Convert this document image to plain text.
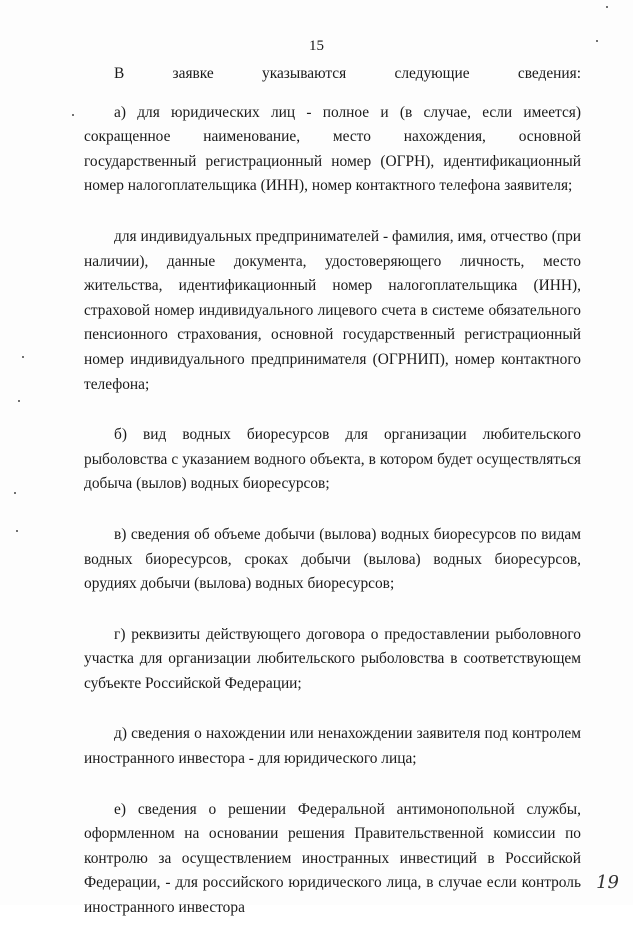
15

В заявке указываются следующие сведения:

а) для юридических лиц - полное и (в случае, если имеется) сокращенное наименование, место нахождения, основной государственный регистрационный номер (ОГРН), идентификационный номер налогоплательщика (ИНН), номер контактного телефона заявителя;

для индивидуальных предпринимателей - фамилия, имя, отчество (при наличии), данные документа, удостоверяющего личность, место жительства, идентификационный номер налогоплательщика (ИНН), страховой номер индивидуального лицевого счета в системе обязательного пенсионного страхования, основной государственный регистрационный номер индивидуального предпринимателя (ОГРНИП), номер контактного телефона;

б) вид водных биоресурсов для организации любительского рыболовства с указанием водного объекта, в котором будет осуществляться добыча (вылов) водных биоресурсов;

в) сведения об объеме добычи (вылова) водных биоресурсов по видам водных биоресурсов, сроках добычи (вылова) водных биоресурсов, орудиях добычи (вылова) водных биоресурсов;

г) реквизиты действующего договора о предоставлении рыболовного участка для организации любительского рыболовства в соответствующем субъекте Российской Федерации;

д) сведения о нахождении или ненахождении заявителя под контролем иностранного инвестора - для юридического лица;

е) сведения о решении Федеральной антимонопольной службы, оформленном на основании решения Правительственной комиссии по контролю за осуществлением иностранных инвестиций в Российской Федерации, - для российского юридического лица, в случае если контроль иностранного инвестора

19
